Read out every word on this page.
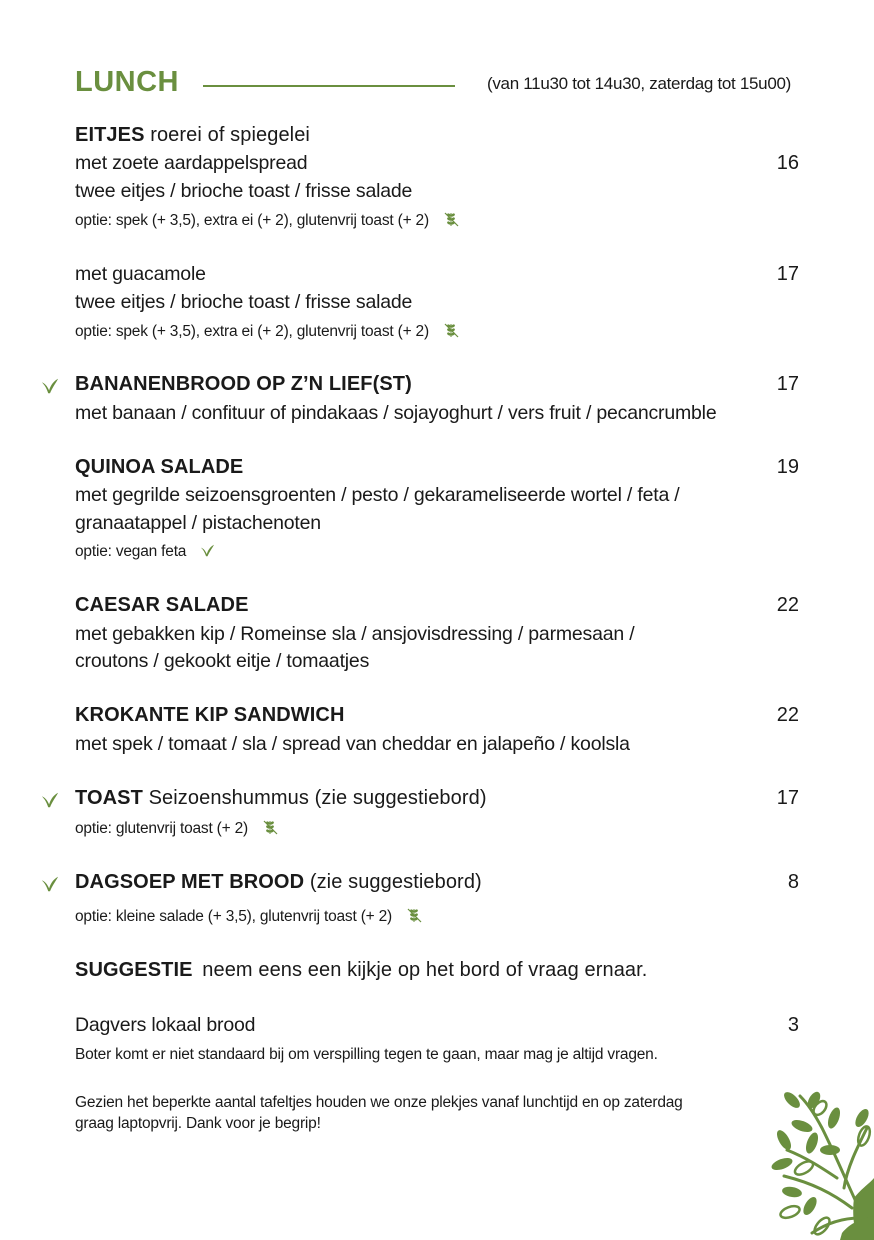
LUNCH	(van 11u30 tot 14u30, zaterdag tot 15u00)
EITJES roerei of spiegelei
met zoete aardappelspread
twee eitjes / brioche toast / frisse salade
optie: spek (+ 3,5), extra ei (+ 2), glutenvrij toast (+ 2)
16
met guacamole
twee eitjes / brioche toast / frisse salade
optie: spek (+ 3,5), extra ei (+ 2), glutenvrij toast (+ 2)
17
BANANENBROOD OP Z’N LIEF(ST)
met banaan / confituur of pindakaas / sojayoghurt / vers fruit / pecancrumble
17
QUINOA SALADE
met gegrilde seizoensgroenten / pesto / gekarameliseerde wortel / feta /
granaatappel / pistachenoten
optie: vegan feta
19
CAESAR SALADE
met gebakken kip / Romeinse sla / ansjovisdressing / parmesaan /
croutons / gekookt eitje / tomaatjes
22
KROKANTE KIP SANDWICH
met spek / tomaat / sla / spread van cheddar en jalapeño / koolsla
22
TOAST Seizoenshummus (zie suggestiebord)
optie: glutenvrij toast (+ 2)
17
DAGSOEP MET BROOD (zie suggestiebord)
optie: kleine salade (+ 3,5), glutenvrij toast (+ 2)
8
SUGGESTIE neem eens een kijkje op het bord of vraag ernaar.
Dagvers lokaal brood
Boter komt er niet standaard bij om verspilling tegen te gaan, maar mag je altijd vragen.
3
Gezien het beperkte aantal tafeltjes houden we onze plekjes vanaf lunchtijd en op zaterdag
graag laptopvrij. Dank voor je begrip!
